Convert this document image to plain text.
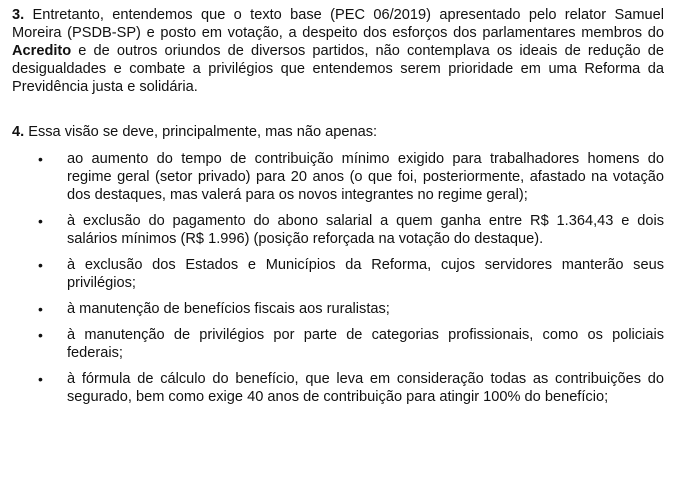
3. Entretanto, entendemos que o texto base (PEC 06/2019) apresentado pelo relator Samuel Moreira (PSDB-SP) e posto em votação, a despeito dos esforços dos parlamentares membros do Acredito e de outros oriundos de diversos partidos, não contemplava os ideais de redução de desigualdades e combate a privilégios que entendemos serem prioridade em uma Reforma da Previdência justa e solidária.

4. Essa visão se deve, principalmente, mas não apenas:

• ao aumento do tempo de contribuição mínimo exigido para trabalhadores homens do regime geral (setor privado) para 20 anos (o que foi, posteriormente, afastado na votação dos destaques, mas valerá para os novos integrantes no regime geral);
• à exclusão do pagamento do abono salarial a quem ganha entre R$ 1.364,43 e dois salários mínimos (R$ 1.996) (posição reforçada na votação do destaque).
• à exclusão dos Estados e Municípios da Reforma, cujos servidores manterão seus privilégios;
• à manutenção de benefícios fiscais aos ruralistas;
• à manutenção de privilégios por parte de categorias profissionais, como os policiais federais;
• à fórmula de cálculo do benefício, que leva em consideração todas as contribuições do segurado, bem como exige 40 anos de contribuição para atingir 100% do benefício;
